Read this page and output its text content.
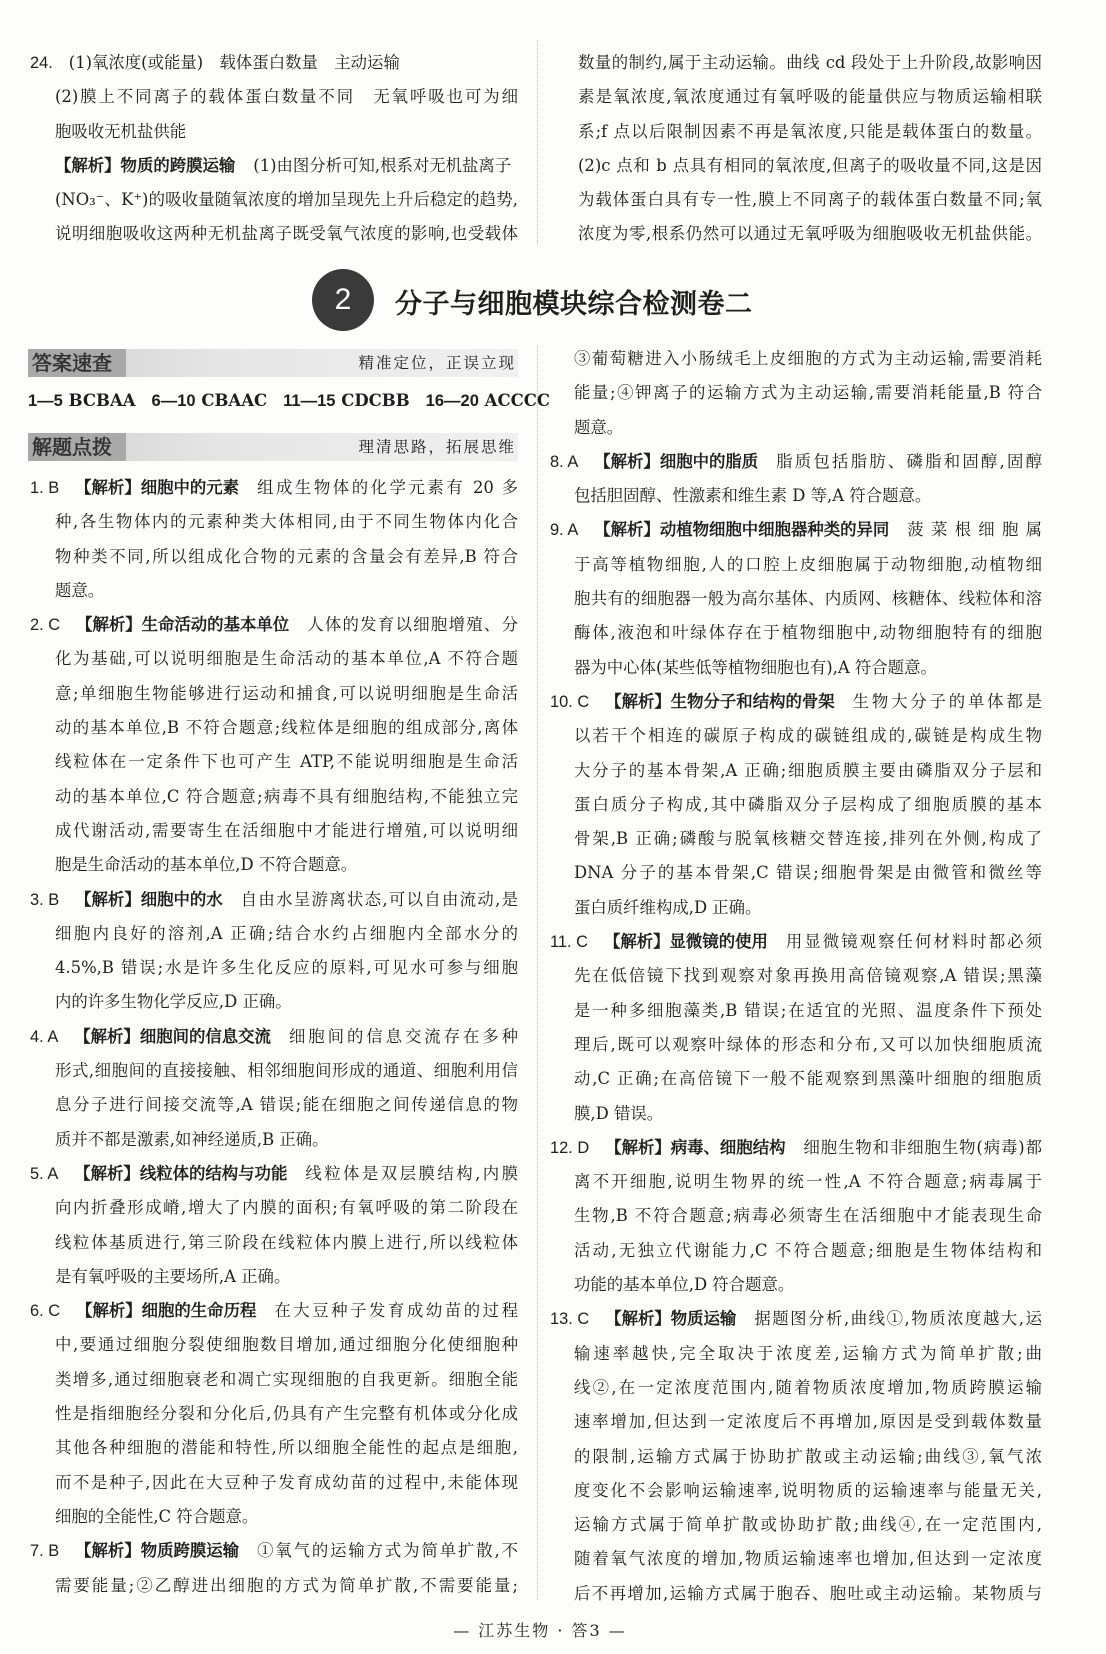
24. (1)氧浓度(或能量)　载体蛋白数量　主动运输
(2)膜上不同离子的载体蛋白数量不同　无氧呼吸也可为细
胞吸收无机盐供能
【解析】物质的跨膜运输 (1)由图分析可知,根系对无机盐离子
(NO₃⁻、K⁺)的吸收量随氧浓度的增加呈现先上升后稳定的趋势,
说明细胞吸收这两种无机盐离子既受氧气浓度的影响,也受载体
数量的制约,属于主动运输。曲线 cd 段处于上升阶段,故影响因
素是氧浓度,氧浓度通过有氧呼吸的能量供应与物质运输相联
系;f 点以后限制因素不再是氧浓度,只能是载体蛋白的数量。
(2)c 点和 b 点具有相同的氧浓度,但离子的吸收量不同,这是因
为载体蛋白具有专一性,膜上不同离子的载体蛋白数量不同;氧
浓度为零,根系仍然可以通过无氧呼吸为细胞吸收无机盐供能。
2	分子与细胞模块综合检测卷二
答案速查	精准定位，正误立现
1—5 BCBAA 6—10 CBAAC 11—15 CDCBB 16—20 ACCCC
解题点拨	理清思路，拓展思维
1. B 【解析】细胞中的元素 组成生物体的化学元素有 20 多
种,各生物体内的元素种类大体相同,由于不同生物体内化合
物种类不同,所以组成化合物的元素的含量会有差异,B 符合
题意。
2. C 【解析】生命活动的基本单位 人体的发育以细胞增殖、分
化为基础,可以说明细胞是生命活动的基本单位,A 不符合题
意;单细胞生物能够进行运动和捕食,可以说明细胞是生命活
动的基本单位,B 不符合题意;线粒体是细胞的组成部分,离体
线粒体在一定条件下也可产生 ATP,不能说明细胞是生命活
动的基本单位,C 符合题意;病毒不具有细胞结构,不能独立完
成代谢活动,需要寄生在活细胞中才能进行增殖,可以说明细
胞是生命活动的基本单位,D 不符合题意。
3. B 【解析】细胞中的水 自由水呈游离状态,可以自由流动,是
细胞内良好的溶剂,A 正确;结合水约占细胞内全部水分的
4.5%,B 错误;水是许多生化反应的原料,可见水可参与细胞
内的许多生物化学反应,D 正确。
4. A 【解析】细胞间的信息交流 细胞间的信息交流存在多种
形式,细胞间的直接接触、相邻细胞间形成的通道、细胞利用信
息分子进行间接交流等,A 错误;能在细胞之间传递信息的物
质并不都是激素,如神经递质,B 正确。
5. A 【解析】线粒体的结构与功能 线粒体是双层膜结构,内膜
向内折叠形成嵴,增大了内膜的面积;有氧呼吸的第二阶段在
线粒体基质进行,第三阶段在线粒体内膜上进行,所以线粒体
是有氧呼吸的主要场所,A 正确。
6. C 【解析】细胞的生命历程 在大豆种子发育成幼苗的过程
中,要通过细胞分裂使细胞数目增加,通过细胞分化使细胞种
类增多,通过细胞衰老和凋亡实现细胞的自我更新。细胞全能
性是指细胞经分裂和分化后,仍具有产生完整有机体或分化成
其他各种细胞的潜能和特性,所以细胞全能性的起点是细胞,
而不是种子,因此在大豆种子发育成幼苗的过程中,未能体现
细胞的全能性,C 符合题意。
7. B 【解析】物质跨膜运输 ①氧气的运输方式为简单扩散,不
需要能量;②乙醇进出细胞的方式为简单扩散,不需要能量;
③葡萄糖进入小肠绒毛上皮细胞的方式为主动运输,需要消耗
能量;④钾离子的运输方式为主动运输,需要消耗能量,B 符合
题意。
8. A 【解析】细胞中的脂质 脂质包括脂肪、磷脂和固醇,固醇
包括胆固醇、性激素和维生素 D 等,A 符合题意。
9. A 【解析】动植物细胞中细胞器种类的异同 菠菜根细胞属
于高等植物细胞,人的口腔上皮细胞属于动物细胞,动植物细
胞共有的细胞器一般为高尔基体、内质网、核糖体、线粒体和溶
酶体,液泡和叶绿体存在于植物细胞中,动物细胞特有的细胞
器为中心体(某些低等植物细胞也有),A 符合题意。
10. C 【解析】生物分子和结构的骨架 生物大分子的单体都是
以若干个相连的碳原子构成的碳链组成的,碳链是构成生物
大分子的基本骨架,A 正确;细胞质膜主要由磷脂双分子层和
蛋白质分子构成,其中磷脂双分子层构成了细胞质膜的基本
骨架,B 正确;磷酸与脱氧核糖交替连接,排列在外侧,构成了
DNA 分子的基本骨架,C 错误;细胞骨架是由微管和微丝等
蛋白质纤维构成,D 正确。
11. C 【解析】显微镜的使用 用显微镜观察任何材料时都必须
先在低倍镜下找到观察对象再换用高倍镜观察,A 错误;黑藻
是一种多细胞藻类,B 错误;在适宜的光照、温度条件下预处
理后,既可以观察叶绿体的形态和分布,又可以加快细胞质流
动,C 正确;在高倍镜下一般不能观察到黑藻叶细胞的细胞质
膜,D 错误。
12. D 【解析】病毒、细胞结构 细胞生物和非细胞生物(病毒)都
离不开细胞,说明生物界的统一性,A 不符合题意;病毒属于
生物,B 不符合题意;病毒必须寄生在活细胞中才能表现生命
活动,无独立代谢能力,C 不符合题意;细胞是生物体结构和
功能的基本单位,D 符合题意。
13. C 【解析】物质运输 据题图分析,曲线①,物质浓度越大,运
输速率越快,完全取决于浓度差,运输方式为简单扩散;曲
线②,在一定浓度范围内,随着物质浓度增加,物质跨膜运输
速率增加,但达到一定浓度后不再增加,原因是受到载体数量
的限制,运输方式属于协助扩散或主动运输;曲线③,氧气浓
度变化不会影响运输速率,说明物质的运输速率与能量无关,
运输方式属于简单扩散或协助扩散;曲线④,在一定范围内,
随着氧气浓度的增加,物质运输速率也增加,但达到一定浓度
后不再增加,运输方式属于胞吞、胞吐或主动运输。某物质与
— 江苏生物 · 答3 —
